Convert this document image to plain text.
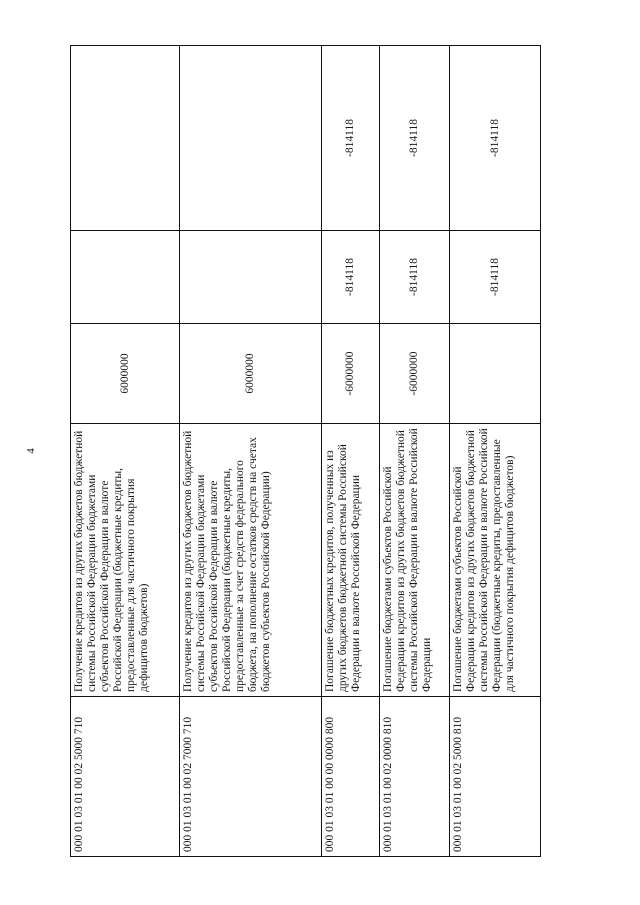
4
000 01 03 01 00 02 5000 710	Получение кредитов из других бюджетов бюджетной системы Российской Федерации бюджетами субъектов Российской Федерации в валюте Российской Федерации (бюджетные кредиты, предоставленные для частичного покрытия дефицитов бюджетов)	6000000		
000 01 03 01 00 02 7000 710	Получение кредитов из других бюджетов бюджетной системы Российской Федерации бюджетами субъектов Российской Федерации в валюте Российской Федерации (бюджетные кредиты, предоставленные за счет средств федерального бюджета, на пополнение остатков средств на счетах бюджетов субъектов Российской Федерации)	6000000		
000 01 03 01 00 00 0000 800	Погашение бюджетных кредитов, полученных из других бюджетов бюджетной системы Российской Федерации в валюте Российской Федерации	-6000000	-814118	-814118
000 01 03 01 00 02 0000 810	Погашение бюджетами субъектов Российской Федерации кредитов из других бюджетов бюджетной системы Российской Федерации в валюте Российской Федерации	-6000000	-814118	-814118
000 01 03 01 00 02 5000 810	Погашение бюджетами субъектов Российской Федерации кредитов из других бюджетов бюджетной системы Российской Федерации в валюте Российской Федерации (бюджетные кредиты, предоставленные для частичного покрытия дефицитов бюджетов)		-814118	-814118
